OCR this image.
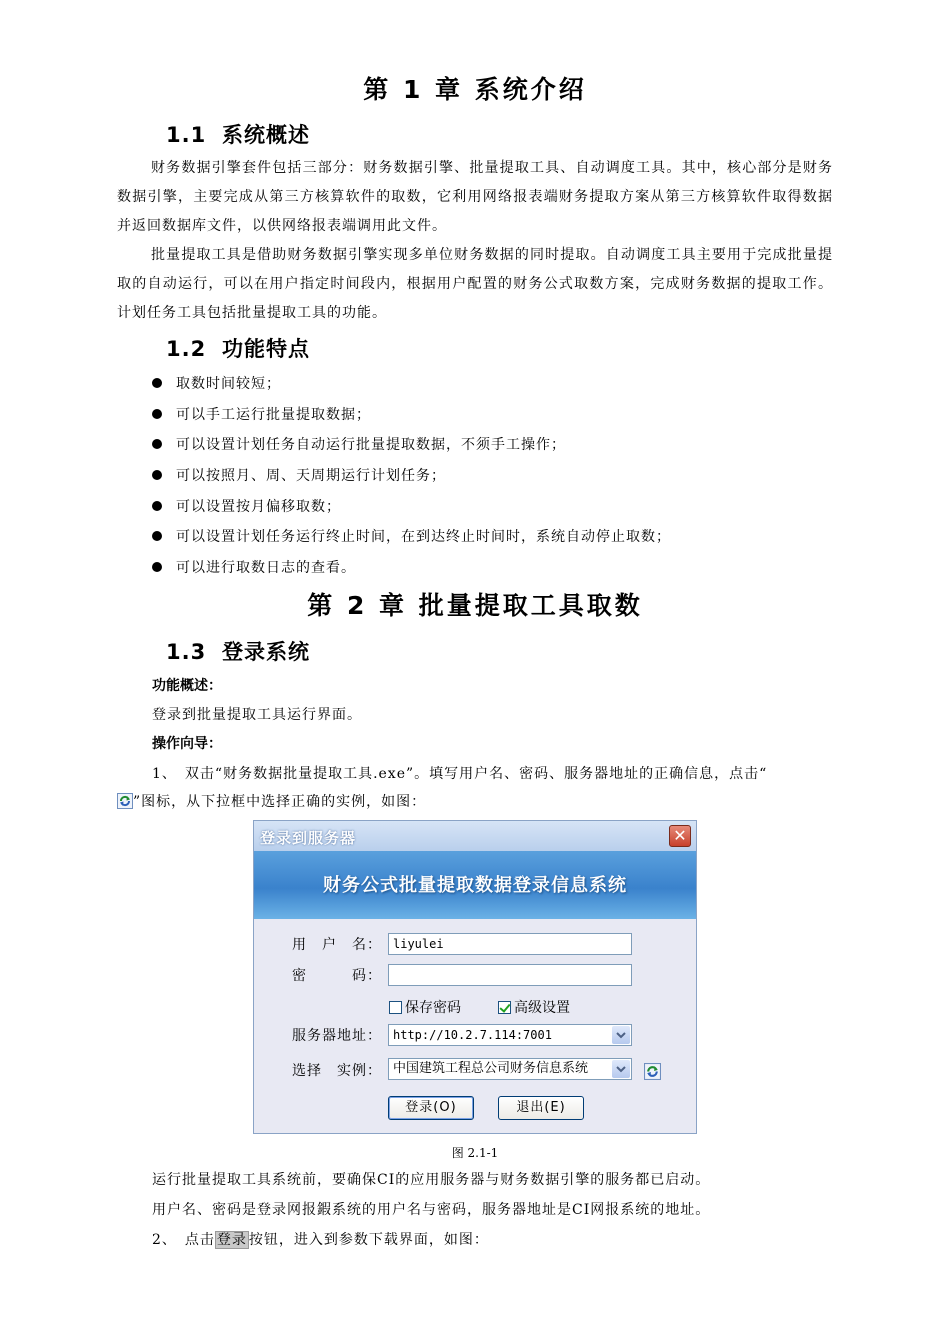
第 1 章 系统介绍
1.1 系统概述
财务数据引擎套件包括三部分：财务数据引擎、批量提取工具、自动调度工具。其中，核心部分是财务数据引擎，主要完成从第三方核算软件的取数，它利用网络报表端财务提取方案从第三方核算软件取得数据并返回数据库文件，以供网络报表端调用此文件。
批量提取工具是借助财务数据引擎实现多单位财务数据的同时提取。自动调度工具主要用于完成批量提取的自动运行，可以在用户指定时间段内，根据用户配置的财务公式取数方案，完成财务数据的提取工作。计划任务工具包括批量提取工具的功能。
1.2 功能特点
取数时间较短；
可以手工运行批量提取数据；
可以设置计划任务自动运行批量提取数据，不须手工操作；
可以按照月、周、天周期运行计划任务；
可以设置按月偏移取数；
可以设置计划任务运行终止时间，在到达终止时间时，系统自动停止取数；
可以进行取数日志的查看。
第 2 章 批量提取工具取数
1.3 登录系统
功能概述：
登录到批量提取工具运行界面。
操作向导：
1、　双击“财务数据批量提取工具.exe”。填写用户名、密码、服务器地址的正确信息，点击“
”图标，从下拉框中选择正确的实例，如图：
登录到服务器	✕
财务公式批量提取数据登录信息系统
用　户　名： liyulei
密　　　码：
保存密码	高级设置
服务器地址： http://10.2.7.114:7001
选择　实例： 中国建筑工程总公司财务信息系统
登录(O)	退出(E)
图 2.1-1
运行批量提取工具系统前，要确保CI的应用服务器与财务数据引擎的服务都已启动。
用户名、密码是登录网报鍜系统的用户名与密码，服务器地址是CI网报系统的地址。
2、　点击 登录 按钮，进入到参数下载界面，如图：
